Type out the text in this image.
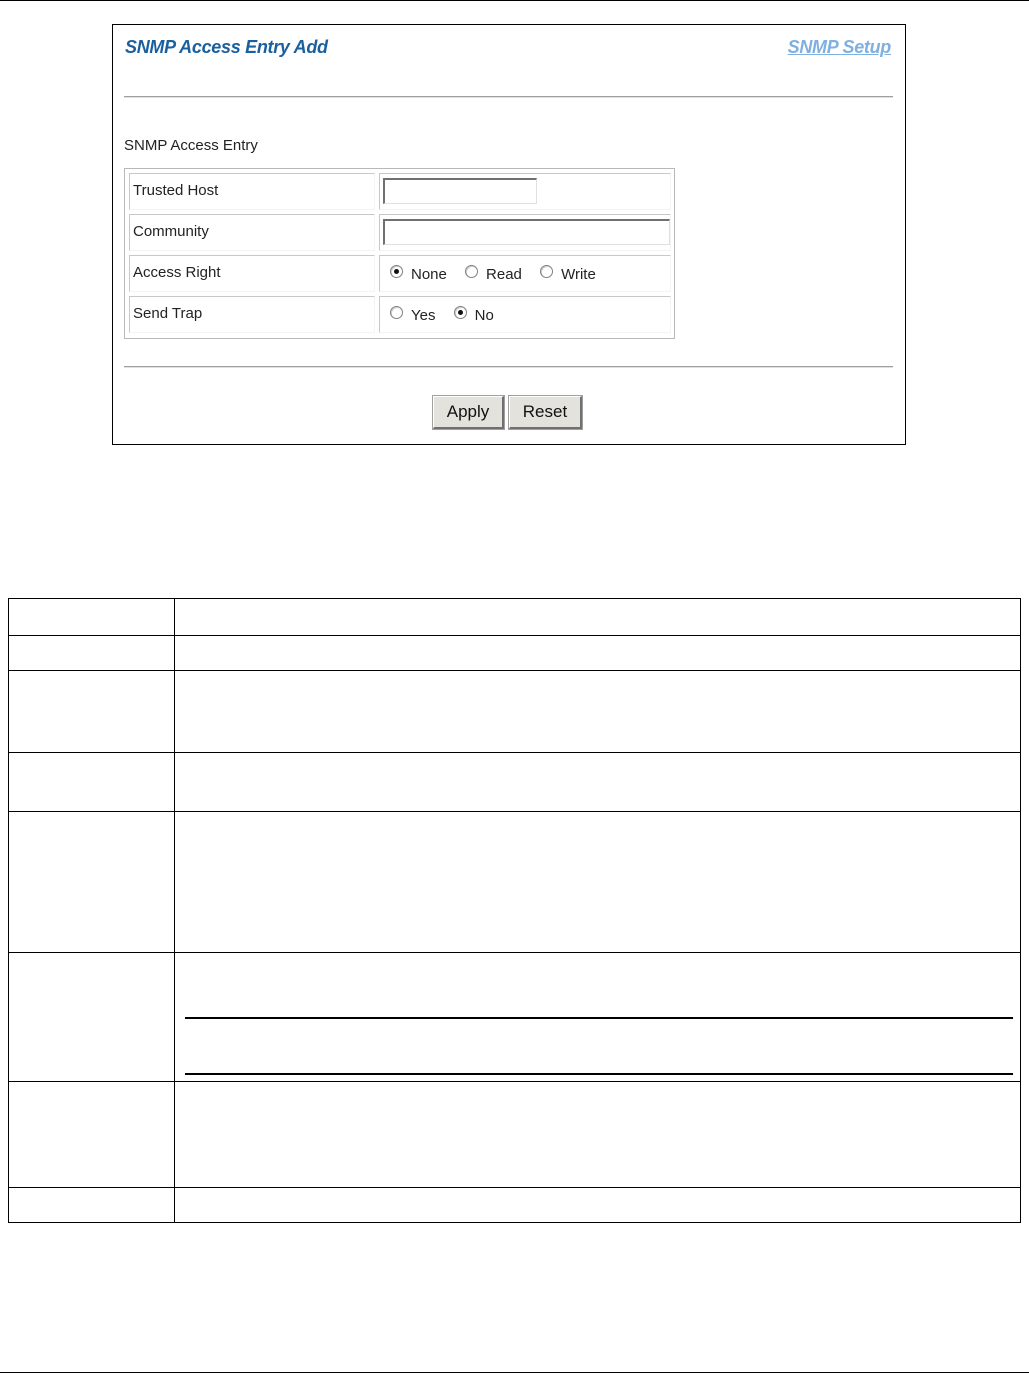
SNMP Access Entry Add	SNMP Setup
SNMP Access Entry
Trusted Host
Community
Access Right	None	Read	Write
Send Trap	Yes	No
Apply	Reset
